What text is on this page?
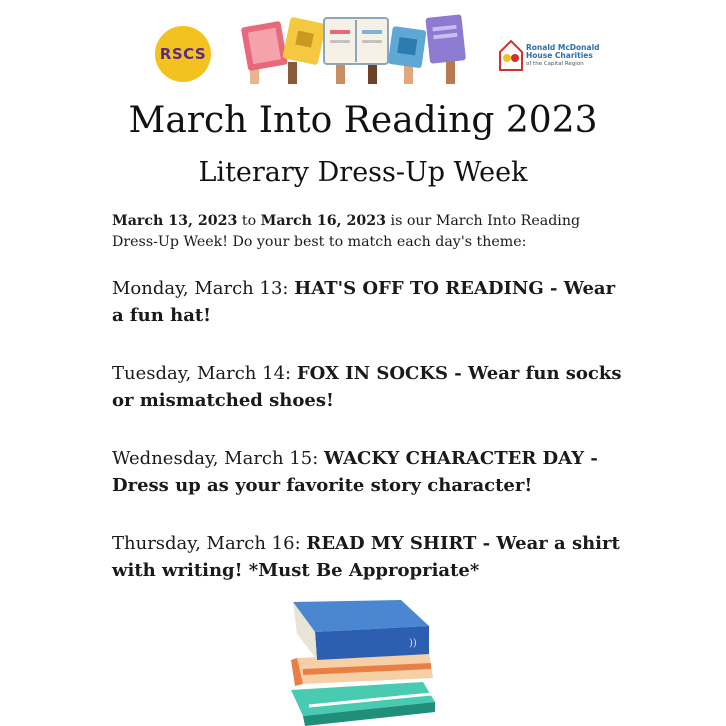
RSCS	Ronald McDonald
House Charities
of the Capital Region
March Into Reading 2023
Literary Dress-Up Week
March 13, 2023 to March 16, 2023 is our March Into Reading Dress-Up Week! Do your best to match each day's theme:
Monday, March 13: HAT'S OFF TO READING - Wear a fun hat!
Tuesday, March 14: FOX IN SOCKS - Wear fun socks or mismatched shoes!
Wednesday, March 15: WACKY CHARACTER DAY - Dress up as your favorite story character!
Thursday, March 16: READ MY SHIRT - Wear a shirt with writing! *Must Be Appropriate*
))
